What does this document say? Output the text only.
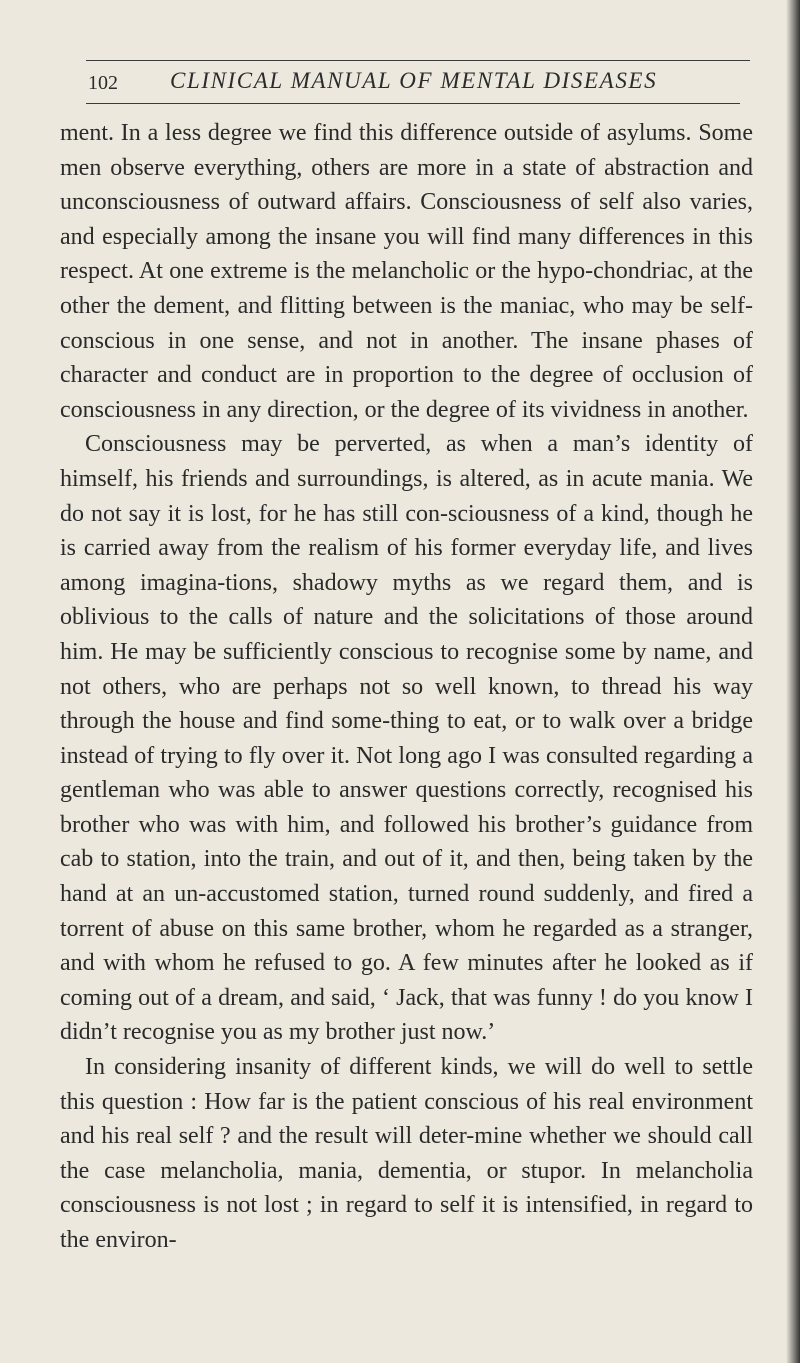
102 CLINICAL MANUAL OF MENTAL DISEASES

ment. In a less degree we find this difference outside of asylums. Some men observe everything, others are more in a state of abstraction and unconsciousness of outward affairs. Consciousness of self also varies, and especially among the insane you will find many differences in this respect. At one extreme is the melancholic or the hypo-chondriac, at the other the dement, and flitting between is the maniac, who may be self-conscious in one sense, and not in another. The insane phases of character and conduct are in proportion to the degree of occlusion of consciousness in any direction, or the degree of its vividness in another.

Consciousness may be perverted, as when a man’s identity of himself, his friends and surroundings, is altered, as in acute mania. We do not say it is lost, for he has still con-sciousness of a kind, though he is carried away from the realism of his former everyday life, and lives among imagina-tions, shadowy myths as we regard them, and is oblivious to the calls of nature and the solicitations of those around him. He may be sufficiently conscious to recognise some by name, and not others, who are perhaps not so well known, to thread his way through the house and find some-thing to eat, or to walk over a bridge instead of trying to fly over it. Not long ago I was consulted regarding a gentleman who was able to answer questions correctly, recognised his brother who was with him, and followed his brother’s guidance from cab to station, into the train, and out of it, and then, being taken by the hand at an un-accustomed station, turned round suddenly, and fired a torrent of abuse on this same brother, whom he regarded as a stranger, and with whom he refused to go. A few minutes after he looked as if coming out of a dream, and said, ‘ Jack, that was funny ! do you know I didn’t recognise you as my brother just now.’

In considering insanity of different kinds, we will do well to settle this question : How far is the patient conscious of his real environment and his real self ? and the result will deter-mine whether we should call the case melancholia, mania, dementia, or stupor. In melancholia consciousness is not lost ; in regard to self it is intensified, in regard to the environ-
